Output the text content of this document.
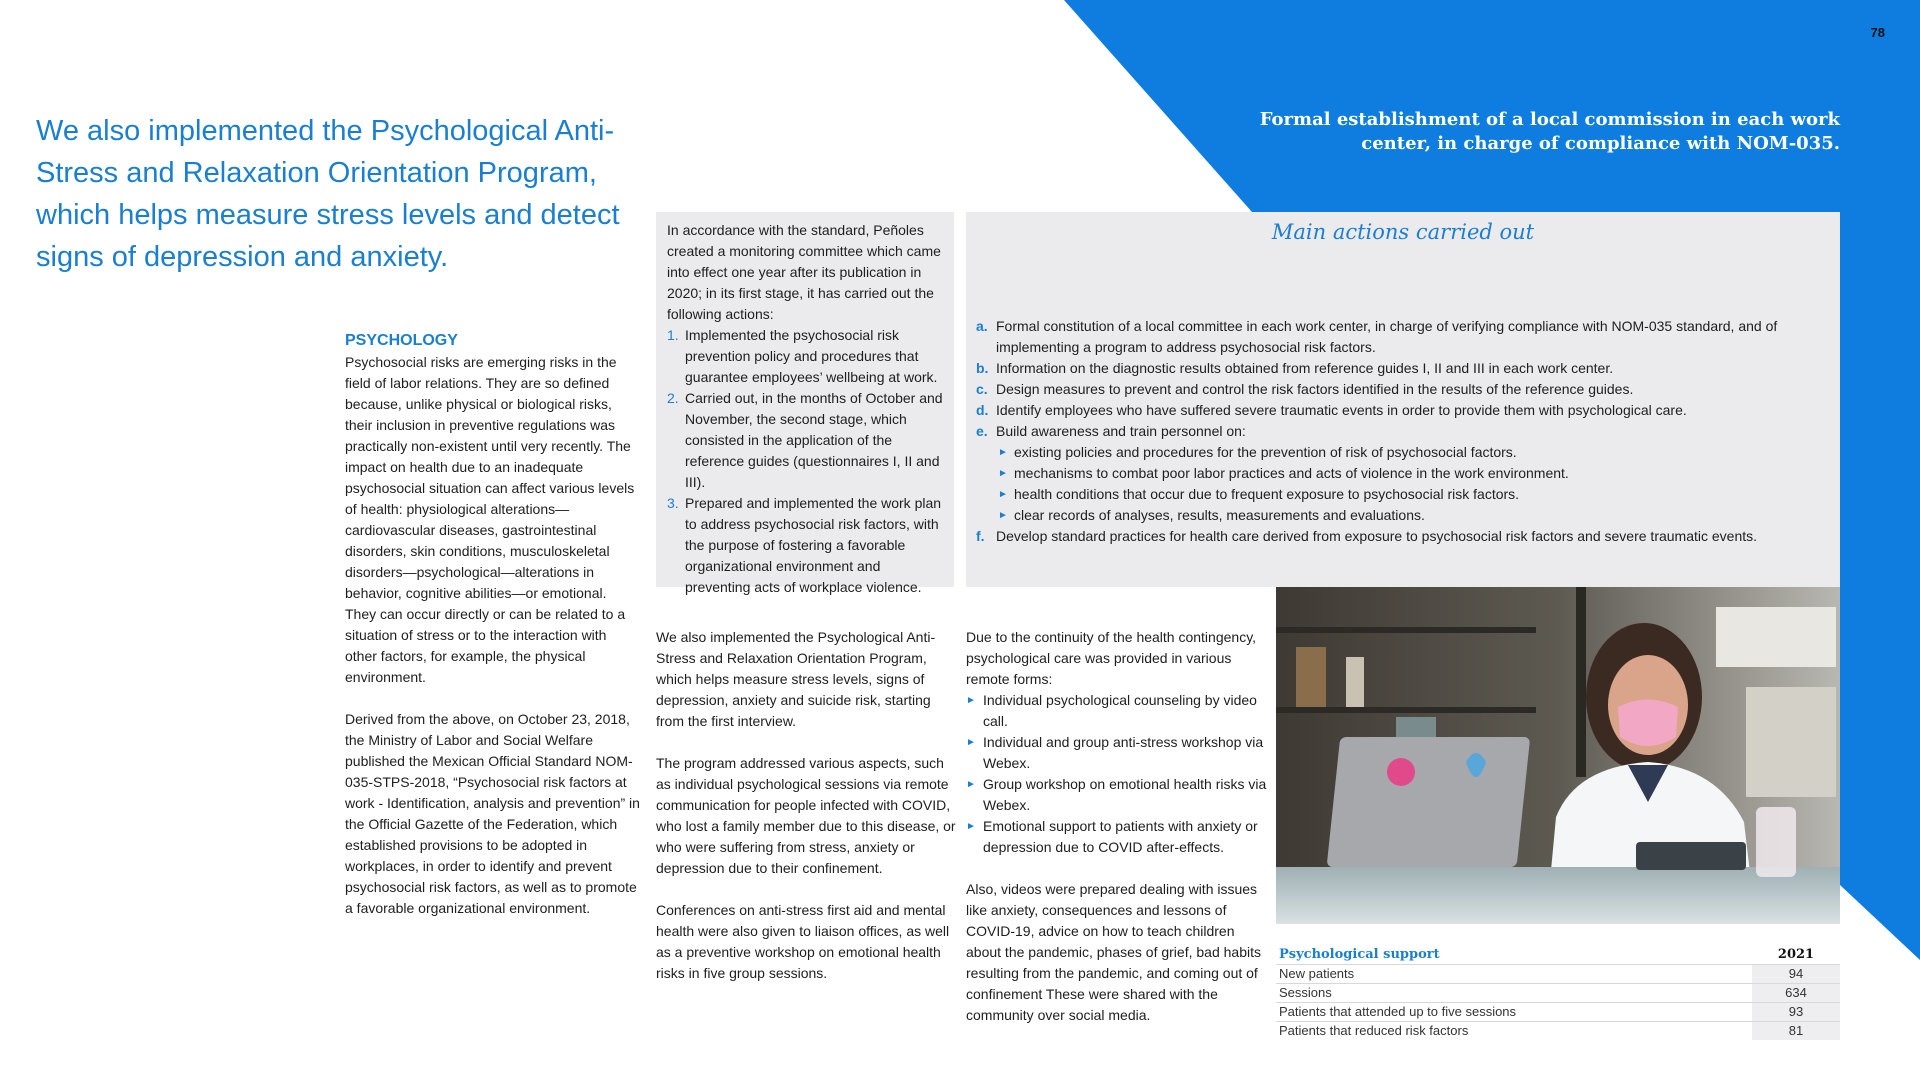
78
We also implemented the Psychological Anti-Stress and Relaxation Orientation Program, which helps measure stress levels and detect signs of depression and anxiety.

Formal establishment of a local commission in each work center, in charge of compliance with NOM-035.

PSYCHOLOGY

Psychosocial risks are emerging risks in the field of labor relations. They are so defined because, unlike physical or biological risks, their inclusion in preventive regulations was practically non-existent until very recently. The impact on health due to an inadequate psychosocial situation can affect various levels of health: physiological alterations—cardiovascular diseases, gastrointestinal disorders, skin conditions, musculoskeletal disorders—psychological—alterations in behavior, cognitive abilities—or emotional. They can occur directly or can be related to a situation of stress or to the interaction with other factors, for example, the physical environment.

Derived from the above, on October 23, 2018, the Ministry of Labor and Social Welfare published the Mexican Official Standard NOM-035-STPS-2018, “Psychosocial risk factors at work - Identification, analysis and prevention” in the Official Gazette of the Federation, which established provisions to be adopted in workplaces, in order to identify and prevent psychosocial risk factors, as well as to promote a favorable organizational environment.

In accordance with the standard, Peñoles created a monitoring committee which came into effect one year after its publication in 2020; in its first stage, it has carried out the following actions:

1. Implemented the psychosocial risk prevention policy and procedures that guarantee employees’ wellbeing at work.
2. Carried out, in the months of October and November, the second stage, which consisted in the application of the reference guides (questionnaires I, II and III).
3. Prepared and implemented the work plan to address psychosocial risk factors, with the purpose of fostering a favorable organizational environment and preventing acts of workplace violence.
Main actions carried out
a. Formal constitution of a local committee in each work center, in charge of verifying compliance with NOM-035 standard, and of implementing a program to address psychosocial risk factors.
b. Information on the diagnostic results obtained from reference guides I, II and III in each work center.
c. Design measures to prevent and control the risk factors identified in the results of the reference guides.
d. Identify employees who have suffered severe traumatic events in order to provide them with psychological care.
e. Build awareness and train personnel on:
► existing policies and procedures for the prevention of risk of psychosocial factors.
► mechanisms to combat poor labor practices and acts of violence in the work environment.
► health conditions that occur due to frequent exposure to psychosocial risk factors.
► clear records of analyses, results, measurements and evaluations.
f. Develop standard practices for health care derived from exposure to psychosocial risk factors and severe traumatic events.

We also implemented the Psychological Anti-Stress and Relaxation Orientation Program, which helps measure stress levels, signs of depression, anxiety and suicide risk, starting from the first interview.

The program addressed various aspects, such as individual psychological sessions via remote communication for people infected with COVID, who lost a family member due to this disease, or who were suffering from stress, anxiety or depression due to their confinement.

Conferences on anti-stress first aid and mental health were also given to liaison offices, as well as a preventive workshop on emotional health risks in five group sessions.

Due to the continuity of the health contingency, psychological care was provided in various remote forms:

► Individual psychological counseling by video call.
► Individual and group anti-stress workshop via Webex.
► Group workshop on emotional health risks via Webex.
► Emotional support to patients with anxiety or depression due to COVID after-effects.

Also, videos were prepared dealing with issues like anxiety, consequences and lessons of COVID-19, advice on how to teach children about the pandemic, phases of grief, bad habits resulting from the pandemic, and coming out of confinement These were shared with the community over social media.

Psychological support	2021
New patients	94
Sessions	634
Patients that attended up to five sessions	93
Patients that reduced risk factors	81
